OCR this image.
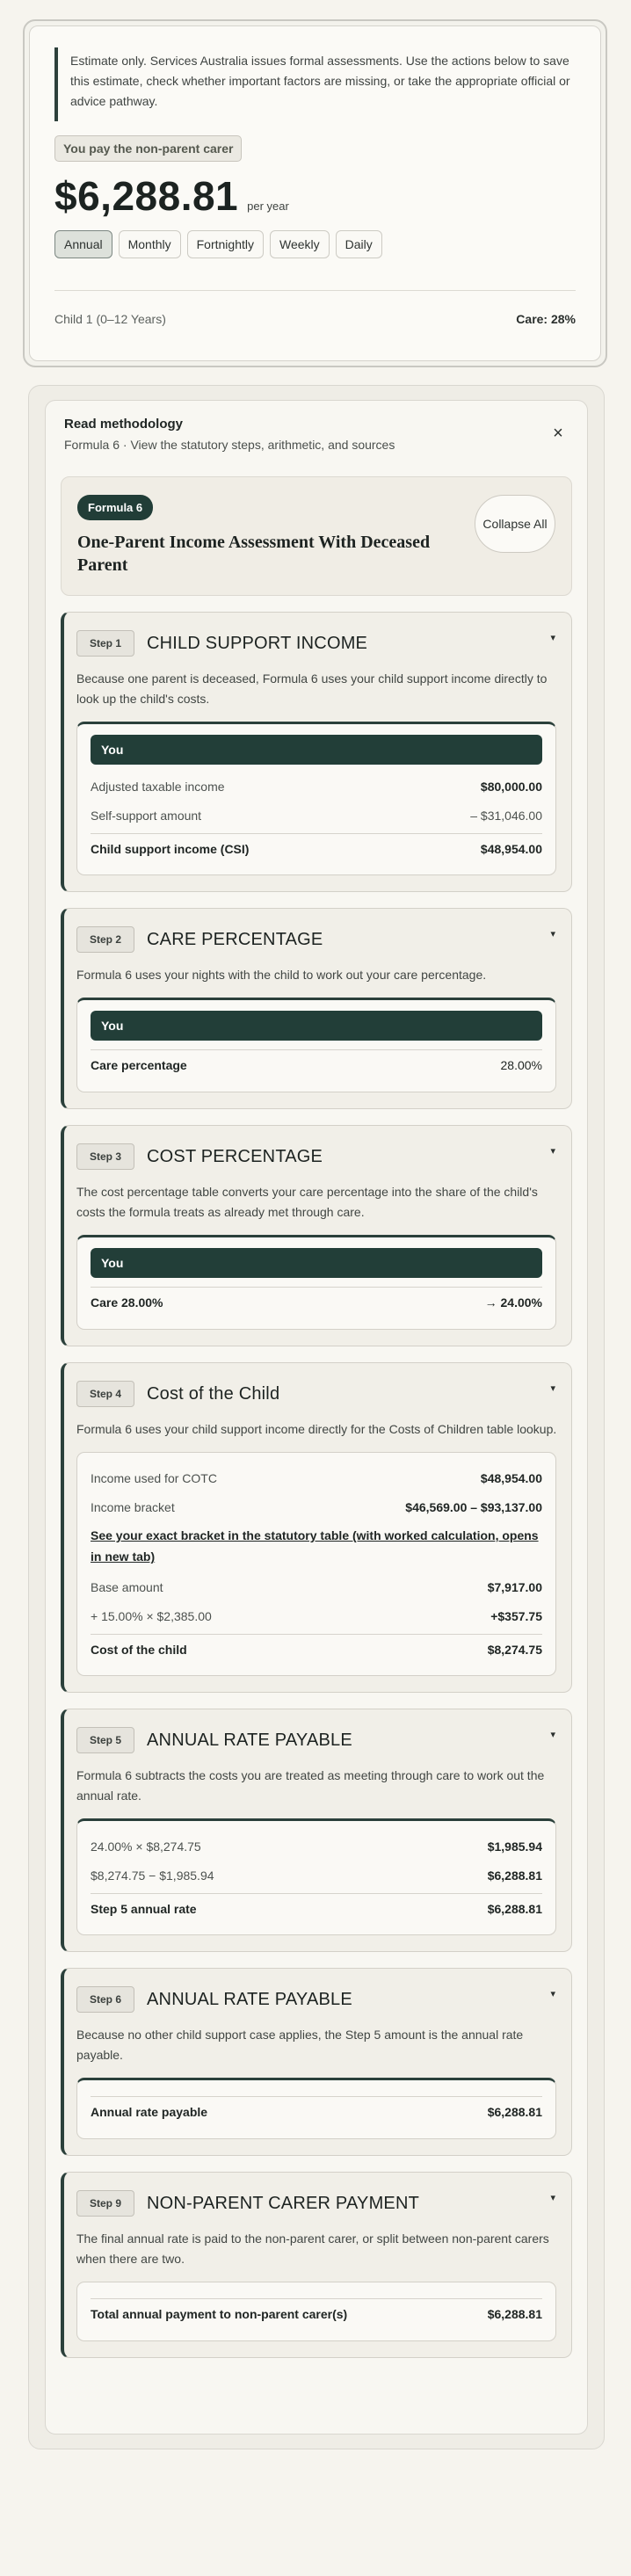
Estimate only. Services Australia issues formal assessments. Use the actions below to save this estimate, check whether important factors are missing, or take the appropriate official or advice pathway.
You pay the non-parent carer
$6,288.81 per year
Annual	Monthly	Fortnightly	Weekly	Daily
Child 1 (0–12 Years)	Care: 28%
Read methodology
Formula 6 · View the statutory steps, arithmetic, and sources
×
Formula 6
One-Parent Income Assessment With Deceased Parent
Collapse All
Step 1	CHILD SUPPORT INCOME	▾
Because one parent is deceased, Formula 6 uses your child support income directly to look up the child's costs.
You
Adjusted taxable income	$80,000.00
Self-support amount	– $31,046.00
Child support income (CSI)	$48,954.00
Step 2	CARE PERCENTAGE	▾
Formula 6 uses your nights with the child to work out your care percentage.
You
Care percentage	28.00%
Step 3	COST PERCENTAGE	▾
The cost percentage table converts your care percentage into the share of the child's costs the formula treats as already met through care.
You
Care 28.00%	→ 24.00%
Step 4	Cost of the Child	▾
Formula 6 uses your child support income directly for the Costs of Children table lookup.
Income used for COTC	$48,954.00
Income bracket	$46,569.00 – $93,137.00
See your exact bracket in the statutory table (with worked calculation, opens in new tab)
Base amount	$7,917.00
+ 15.00% × $2,385.00	+$357.75
Cost of the child	$8,274.75
Step 5	ANNUAL RATE PAYABLE	▾
Formula 6 subtracts the costs you are treated as meeting through care to work out the annual rate.
24.00% × $8,274.75	$1,985.94
$8,274.75 − $1,985.94	$6,288.81
Step 5 annual rate	$6,288.81
Step 6	ANNUAL RATE PAYABLE	▾
Because no other child support case applies, the Step 5 amount is the annual rate payable.
Annual rate payable	$6,288.81
Step 9	NON-PARENT CARER PAYMENT	▾
The final annual rate is paid to the non-parent carer, or split between non-parent carers when there are two.
Total annual payment to non-parent carer(s)	$6,288.81
